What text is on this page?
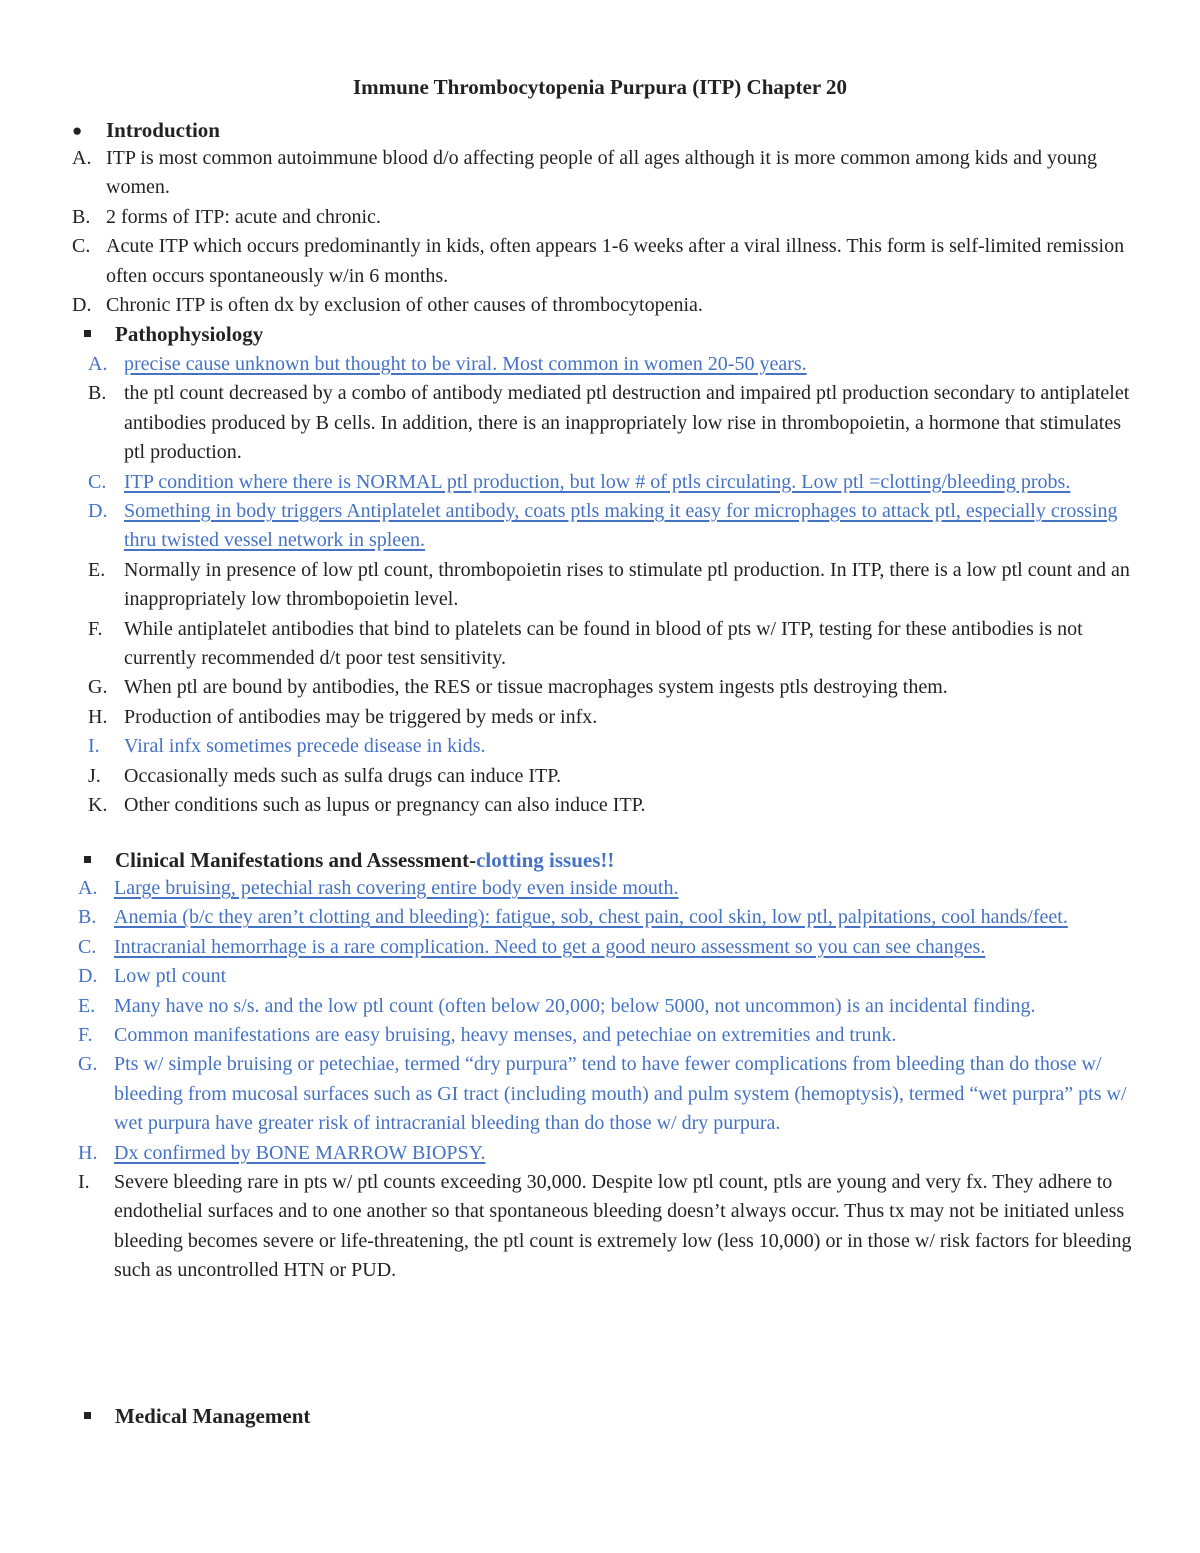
Immune Thrombocytopenia Purpura (ITP) Chapter 20
● Introduction
A. ITP is most common autoimmune blood d/o affecting people of all ages although it is more common among kids and young women.
B. 2 forms of ITP: acute and chronic.
C. Acute ITP which occurs predominantly in kids, often appears 1-6 weeks after a viral illness. This form is self-limited remission often occurs spontaneously w/in 6 months.
D. Chronic ITP is often dx by exclusion of other causes of thrombocytopenia.
Pathophysiology
A. precise cause unknown but thought to be viral. Most common in women 20-50 years.
B. the ptl count decreased by a combo of antibody mediated ptl destruction and impaired ptl production secondary to antiplatelet antibodies produced by B cells. In addition, there is an inappropriately low rise in thrombopoietin, a hormone that stimulates ptl production.
C. ITP condition where there is NORMAL ptl production, but low # of ptls circulating. Low ptl =clotting/bleeding probs.
D. Something in body triggers Antiplatelet antibody, coats ptls making it easy for microphages to attack ptl, especially crossing thru twisted vessel network in spleen.
E. Normally in presence of low ptl count, thrombopoietin rises to stimulate ptl production. In ITP, there is a low ptl count and an inappropriately low thrombopoietin level.
F. While antiplatelet antibodies that bind to platelets can be found in blood of pts w/ ITP, testing for these antibodies is not currently recommended d/t poor test sensitivity.
G. When ptl are bound by antibodies, the RES or tissue macrophages system ingests ptls destroying them.
H. Production of antibodies may be triggered by meds or infx.
I. Viral infx sometimes precede disease in kids.
J. Occasionally meds such as sulfa drugs can induce ITP.
K. Other conditions such as lupus or pregnancy can also induce ITP.
Clinical Manifestations and Assessment-clotting issues!!
A. Large bruising, petechial rash covering entire body even inside mouth.
B. Anemia (b/c they aren’t clotting and bleeding): fatigue, sob, chest pain, cool skin, low ptl, palpitations, cool hands/feet.
C. Intracranial hemorrhage is a rare complication. Need to get a good neuro assessment so you can see changes.
D. Low ptl count
E. Many have no s/s. and the low ptl count (often below 20,000; below 5000, not uncommon) is an incidental finding.
F. Common manifestations are easy bruising, heavy menses, and petechiae on extremities and trunk.
G. Pts w/ simple bruising or petechiae, termed “dry purpura” tend to have fewer complications from bleeding than do those w/ bleeding from mucosal surfaces such as GI tract (including mouth) and pulm system (hemoptysis), termed “wet purpra” pts w/ wet purpura have greater risk of intracranial bleeding than do those w/ dry purpura.
H. Dx confirmed by BONE MARROW BIOPSY.
I. Severe bleeding rare in pts w/ ptl counts exceeding 30,000. Despite low ptl count, ptls are young and very fx. They adhere to endothelial surfaces and to one another so that spontaneous bleeding doesn’t always occur. Thus tx may not be initiated unless bleeding becomes severe or life-threatening, the ptl count is extremely low (less 10,000) or in those w/ risk factors for bleeding such as uncontrolled HTN or PUD.
Medical Management
